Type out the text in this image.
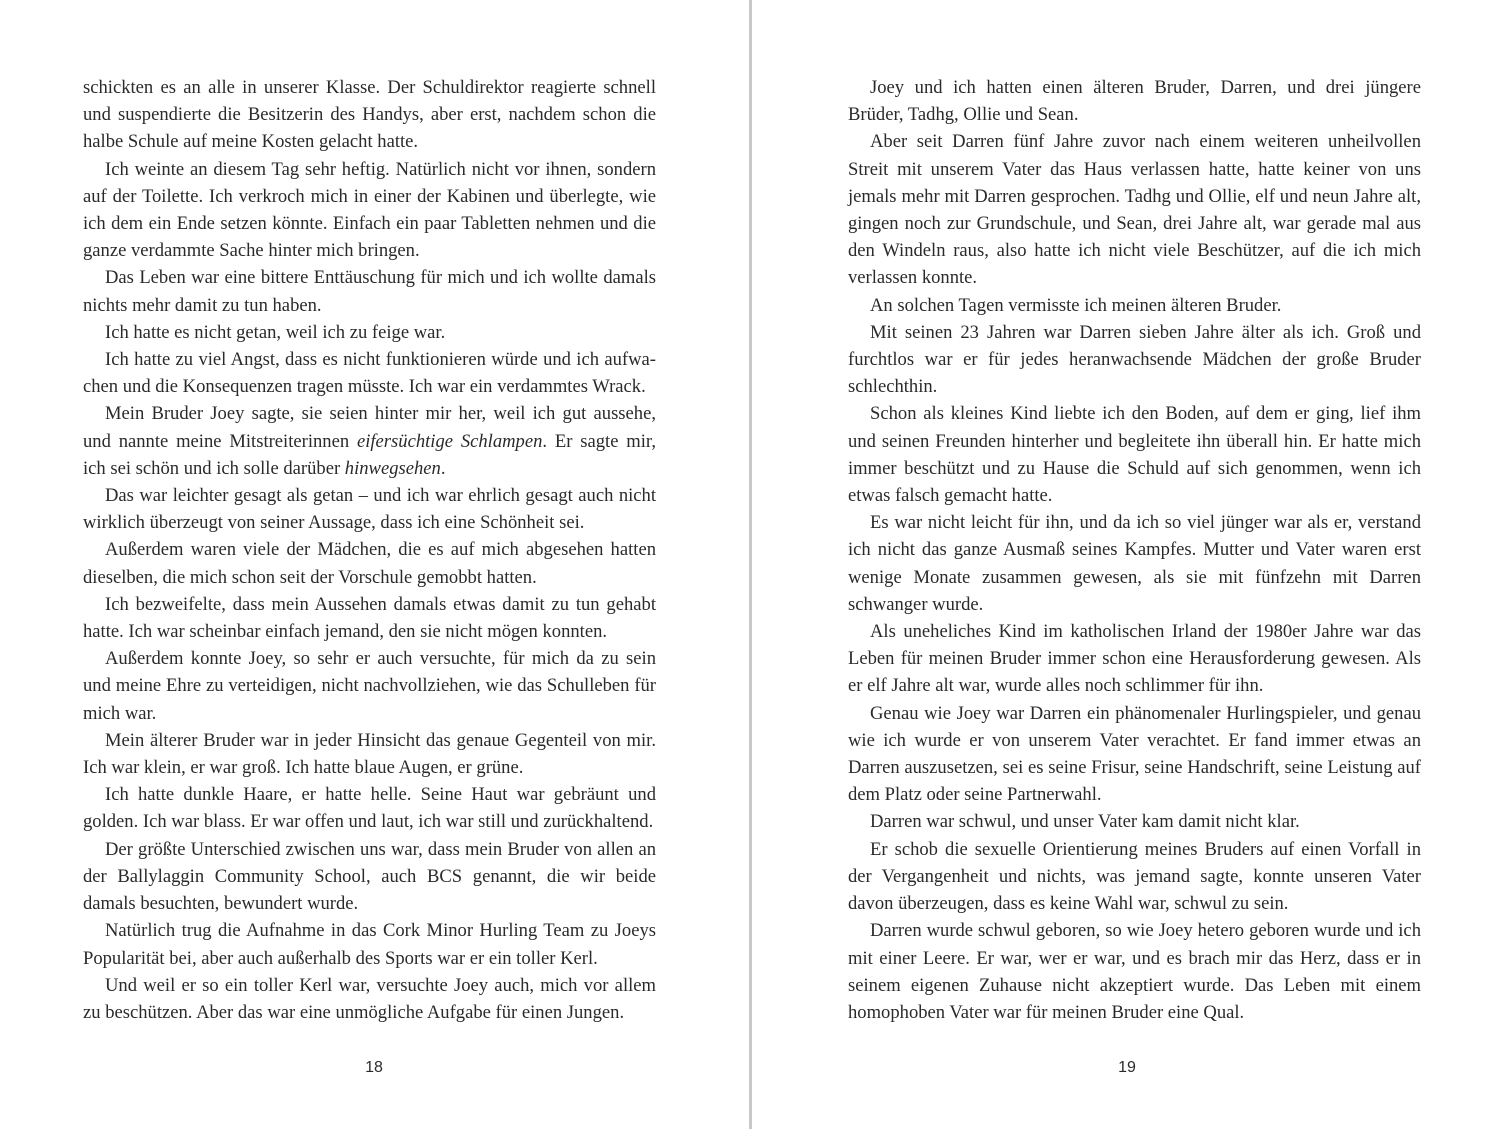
schickten es an alle in unserer Klasse. Der Schuldirektor reagierte schnell und suspendierte die Besitzerin des Handys, aber erst, nachdem schon die halbe Schule auf meine Kosten gelacht hatte.

Ich weinte an diesem Tag sehr heftig. Natürlich nicht vor ihnen, sondern auf der Toilette. Ich verkroch mich in einer der Kabinen und überlegte, wie ich dem ein Ende setzen könnte. Einfach ein paar Tabletten nehmen und die ganze verdammte Sache hinter mich bringen.

Das Leben war eine bittere Enttäuschung für mich und ich wollte damals nichts mehr damit zu tun haben.

Ich hatte es nicht getan, weil ich zu feige war.

Ich hatte zu viel Angst, dass es nicht funktionieren würde und ich aufwachen und die Konsequenzen tragen müsste. Ich war ein verdammtes Wrack.

Mein Bruder Joey sagte, sie seien hinter mir her, weil ich gut aussehe, und nannte meine Mitstreiterinnen eifersüchtige Schlampen. Er sagte mir, ich sei schön und ich solle darüber hinwegsehen.

Das war leichter gesagt als getan – und ich war ehrlich gesagt auch nicht wirklich überzeugt von seiner Aussage, dass ich eine Schönheit sei.

Außerdem waren viele der Mädchen, die es auf mich abgesehen hatten dieselben, die mich schon seit der Vorschule gemobbt hatten.

Ich bezweifelte, dass mein Aussehen damals etwas damit zu tun gehabt hatte. Ich war scheinbar einfach jemand, den sie nicht mögen konnten.

Außerdem konnte Joey, so sehr er auch versuchte, für mich da zu sein und meine Ehre zu verteidigen, nicht nachvollziehen, wie das Schulleben für mich war.

Mein älterer Bruder war in jeder Hinsicht das genaue Gegenteil von mir. Ich war klein, er war groß. Ich hatte blaue Augen, er grüne.

Ich hatte dunkle Haare, er hatte helle. Seine Haut war gebräunt und golden. Ich war blass. Er war offen und laut, ich war still und zurückhaltend.

Der größte Unterschied zwischen uns war, dass mein Bruder von allen an der Ballylaggin Community School, auch BCS genannt, die wir beide damals besuchten, bewundert wurde.

Natürlich trug die Aufnahme in das Cork Minor Hurling Team zu Joeys Popularität bei, aber auch außerhalb des Sports war er ein toller Kerl.

Und weil er so ein toller Kerl war, versuchte Joey auch, mich vor allem zu beschützen. Aber das war eine unmögliche Aufgabe für einen Jungen.

18

Joey und ich hatten einen älteren Bruder, Darren, und drei jüngere Brüder, Tadhg, Ollie und Sean.

Aber seit Darren fünf Jahre zuvor nach einem weiteren unheilvollen Streit mit unserem Vater das Haus verlassen hatte, hatte keiner von uns jemals mehr mit Darren gesprochen. Tadhg und Ollie, elf und neun Jahre alt, gingen noch zur Grundschule, und Sean, drei Jahre alt, war gerade mal aus den Windeln raus, also hatte ich nicht viele Beschützer, auf die ich mich verlassen konnte.

An solchen Tagen vermisste ich meinen älteren Bruder.

Mit seinen 23 Jahren war Darren sieben Jahre älter als ich. Groß und furchtlos war er für jedes heranwachsende Mädchen der große Bruder schlechthin.

Schon als kleines Kind liebte ich den Boden, auf dem er ging, lief ihm und seinen Freunden hinterher und begleitete ihn überall hin. Er hatte mich immer beschützt und zu Hause die Schuld auf sich genommen, wenn ich etwas falsch gemacht hatte.

Es war nicht leicht für ihn, und da ich so viel jünger war als er, verstand ich nicht das ganze Ausmaß seines Kampfes. Mutter und Vater waren erst wenige Monate zusammen gewesen, als sie mit fünfzehn mit Darren schwanger wurde.

Als uneheliches Kind im katholischen Irland der 1980er Jahre war das Leben für meinen Bruder immer schon eine Herausforderung gewesen. Als er elf Jahre alt war, wurde alles noch schlimmer für ihn.

Genau wie Joey war Darren ein phänomenaler Hurlingspieler, und genau wie ich wurde er von unserem Vater verachtet. Er fand immer etwas an Darren auszusetzen, sei es seine Frisur, seine Handschrift, seine Leistung auf dem Platz oder seine Partnerwahl.

Darren war schwul, und unser Vater kam damit nicht klar.

Er schob die sexuelle Orientierung meines Bruders auf einen Vorfall in der Vergangenheit und nichts, was jemand sagte, konnte unseren Vater davon überzeugen, dass es keine Wahl war, schwul zu sein.

Darren wurde schwul geboren, so wie Joey hetero geboren wurde und ich mit einer Leere. Er war, wer er war, und es brach mir das Herz, dass er in seinem eigenen Zuhause nicht akzeptiert wurde. Das Leben mit einem homophoben Vater war für meinen Bruder eine Qual.

19
